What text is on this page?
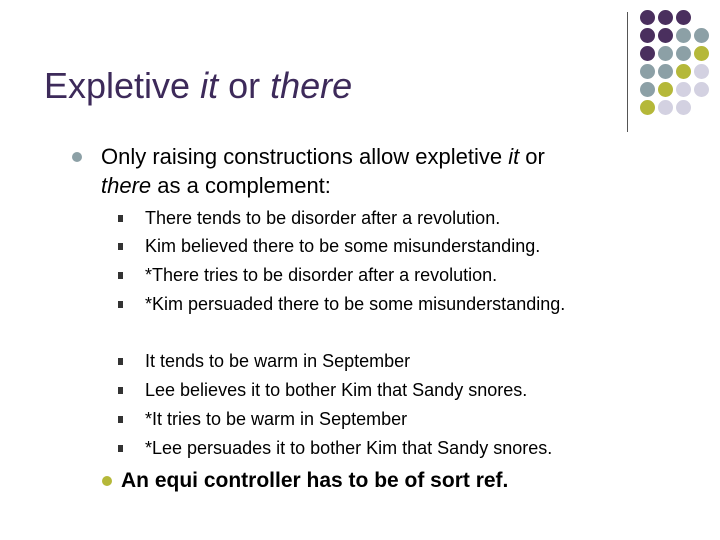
Expletive it or there
Only raising constructions allow expletive it or
there as a complement:
There tends to be disorder after a revolution.
Kim believed there to be some misunderstanding.
*There tries to be disorder after a revolution.
*Kim persuaded there to be some misunderstanding.
It tends to be warm in September
Lee believes it to bother Kim that Sandy snores.
*It tries to be warm in September
*Lee persuades it to bother Kim that Sandy snores.
An equi controller has to be of sort ref.
